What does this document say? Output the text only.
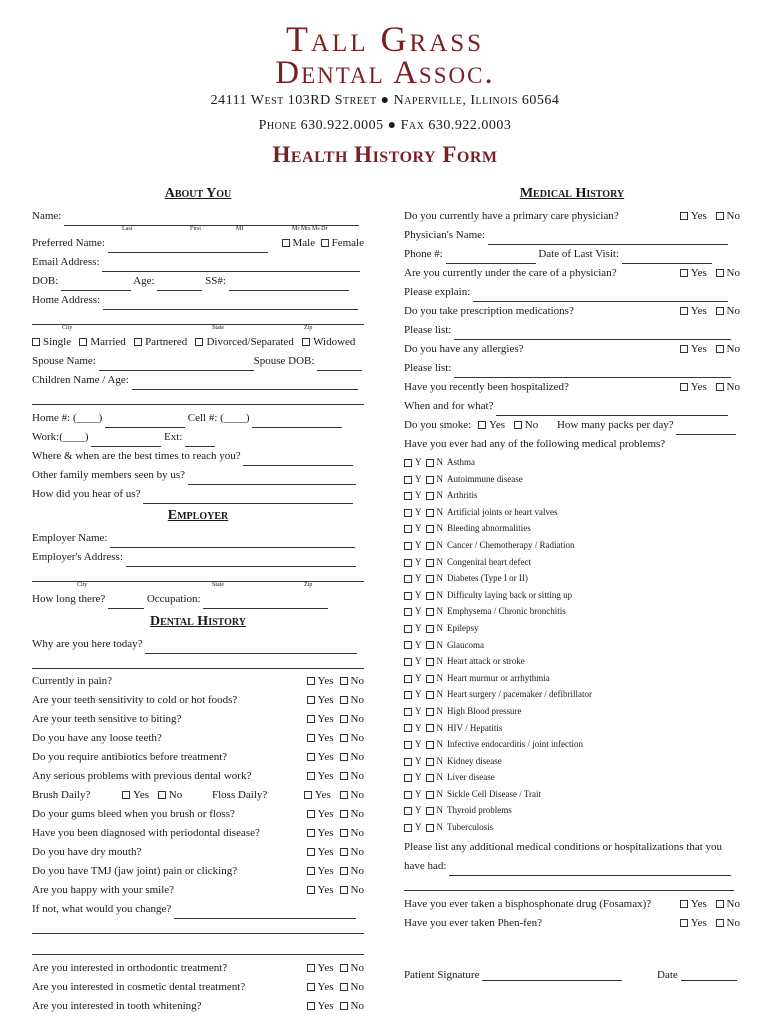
Tall Grass
Dental Assoc.
24111 West 103RD Street ● Naperville, Illinois 60564
Phone 630.922.0005 ● Fax 630.922.0003
Health History Form
About You
Name:
Last	First	MI	Mr Mrs Ms Dr
Preferred Name:	Male Female
Email Address:
DOB:	Age:	SS#:
Home Address:
City	State	Zip
Single Married Partnered Divorced/Separated Widowed
Spouse Name:	Spouse DOB:
Children Name / Age:
Home #: (____)	Cell #: (____)
Work:(____)	Ext:
Where & when are the best times to reach you?
Other family members seen by us?
How did you hear of us?
Employer
Employer Name:
Employer's Address:
City	State	Zip
How long there?	Occupation:
Dental History
Why are you here today?
Currently in pain?	Yes No
Are your teeth sensitivity to cold or hot foods?	Yes No
Are your teeth sensitive to biting?	Yes No
Do you have any loose teeth?	Yes No
Do you require antibiotics before treatment?	Yes No
Any serious problems with previous dental work?	Yes No
Brush Daily?	Yes No	Floss Daily?	Yes No
Do your gums bleed when you brush or floss?	Yes No
Have you been diagnosed with periodontal disease?	Yes No
Do you have dry mouth?	Yes No
Do you have TMJ (jaw joint) pain or clicking?	Yes No
Are you happy with your smile?	Yes No
If not, what would you change?
Are you interested in orthodontic treatment?	Yes No
Are you interested in cosmetic dental treatment?	Yes No
Are you interested in tooth whitening?	Yes No
Medical History
Do you currently have a primary care physician?	Yes No
Physician's Name:
Phone #:	Date of Last Visit:
Are you currently under the care of a physician?	Yes No
Please explain:
Do you take prescription medications?	Yes No
Please list:
Do you have any allergies?	Yes No
Please list:
Have you recently been hospitalized?	Yes No
When and for what?
Do you smoke: Yes No How many packs per day?
Have you ever had any of the following medical problems?
Y N Asthma
Y N Autoimmune disease
Y N Arthritis
Y N Artificial joints or heart valves
Y N Bleeding abnormalities
Y N Cancer / Chemotherapy / Radiation
Y N Congenital heart defect
Y N Diabetes (Type I or II)
Y N Difficulty laying back or sitting up
Y N Emphysema / Chronic bronchitis
Y N Epilepsy
Y N Glaucoma
Y N Heart attack or stroke
Y N Heart murmur or arrhythmia
Y N Heart surgery / pacemaker / defibrillator
Y N High Blood pressure
Y N HIV / Hepatitis
Y N Infective endocarditis / joint infection
Y N Kidney disease
Y N Liver disease
Y N Sickle Cell Disease / Trait
Y N Thyroid problems
Y N Tuberculosis
Please list any additional medical conditions or hospitalizations that you
have had:
Have you ever taken a bisphosphonate drug (Fosamax)?	Yes No
Have you ever taken Phen-fen?	Yes No
Patient Signature	Date
